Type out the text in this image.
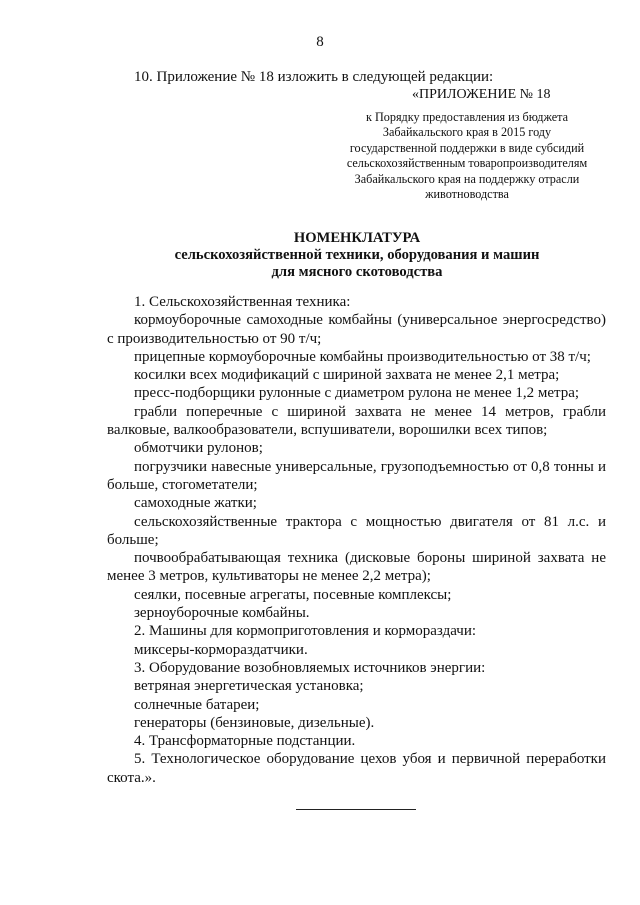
8
10. Приложение № 18 изложить в следующей редакции:
«ПРИЛОЖЕНИЕ № 18
к Порядку предоставления из бюджета
Забайкальского края в 2015 году
государственной поддержки в виде субсидий
сельскохозяйственным товаропроизводителям
Забайкальского края на поддержку отрасли
животноводства
НОМЕНКЛАТУРА
сельскохозяйственной техники, оборудования и машин
для мясного скотоводства

1. Сельскохозяйственная техника:

кормоуборочные самоходные комбайны (универсальное энергосредство) с производительностью от 90 т/ч;

прицепные кормоуборочные комбайны производительностью от 38 т/ч;

косилки всех модификаций с шириной захвата не менее 2,1 метра;

пресс-подборщики рулонные с диаметром рулона не менее 1,2 метра;

грабли поперечные с шириной захвата не менее 14 метров, грабли валковые, валкообразователи, вспушиватели, ворошилки всех типов;

обмотчики рулонов;

погрузчики навесные универсальные, грузоподъемностью от 0,8 тонны и больше, стогометатели;

самоходные жатки;

сельскохозяйственные трактора с мощностью двигателя от 81 л.с. и больше;

почвообрабатывающая техника (дисковые бороны шириной захвата не менее 3 метров, культиваторы не менее 2,2 метра);

сеялки, посевные агрегаты, посевные комплексы;

зерноуборочные комбайны.

2. Машины для кормоприготовления и кормораздачи:

миксеры-кормораздатчики.

3. Оборудование возобновляемых источников энергии:

ветряная энергетическая установка;

солнечные батареи;

генераторы (бензиновые, дизельные).

4. Трансформаторные подстанции.

5. Технологическое оборудование цехов убоя и первичной переработки скота.».
